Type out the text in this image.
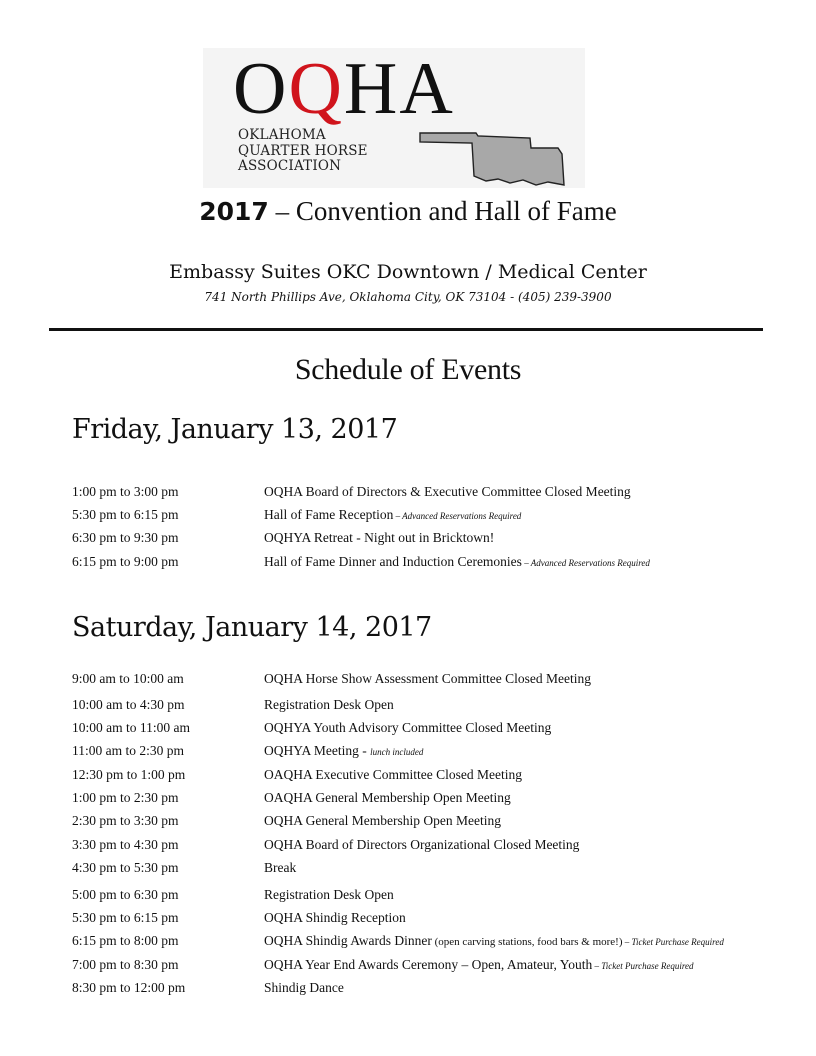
OQHA
OKLAHOMA
QUARTER HORSE
ASSOCIATION
2017 – Convention and Hall of Fame
Embassy Suites OKC Downtown / Medical Center
741 North Phillips Ave, Oklahoma City, OK 73104 - (405) 239-3900
Schedule of Events
Friday, January 13, 2017
1:00 pm to 3:00 pm	OQHA Board of Directors & Executive Committee Closed Meeting
5:30 pm to 6:15 pm	Hall of Fame Reception – Advanced Reservations Required
6:30 pm to 9:30 pm	OQHYA Retreat - Night out in Bricktown!
6:15 pm to 9:00 pm	Hall of Fame Dinner and Induction Ceremonies – Advanced Reservations Required
Saturday, January 14, 2017
9:00 am to 10:00 am	OQHA Horse Show Assessment Committee Closed Meeting
10:00 am to 4:30 pm	Registration Desk Open
10:00 am to 11:00 am	OQHYA Youth Advisory Committee Closed Meeting
11:00 am to 2:30 pm	OQHYA Meeting - lunch included
12:30 pm to 1:00 pm	OAQHA Executive Committee Closed Meeting
1:00 pm to 2:30 pm	OAQHA General Membership Open Meeting
2:30 pm to 3:30 pm	OQHA General Membership Open Meeting
3:30 pm to 4:30 pm	OQHA Board of Directors Organizational Closed Meeting
4:30 pm to 5:30 pm	Break
5:00 pm to 6:30 pm	Registration Desk Open
5:30 pm to 6:15 pm	OQHA Shindig Reception
6:15 pm to 8:00 pm	OQHA Shindig Awards Dinner (open carving stations, food bars & more!) – Ticket Purchase Required
7:00 pm to 8:30 pm	OQHA Year End Awards Ceremony – Open, Amateur, Youth – Ticket Purchase Required
8:30 pm to 12:00 pm	Shindig Dance
